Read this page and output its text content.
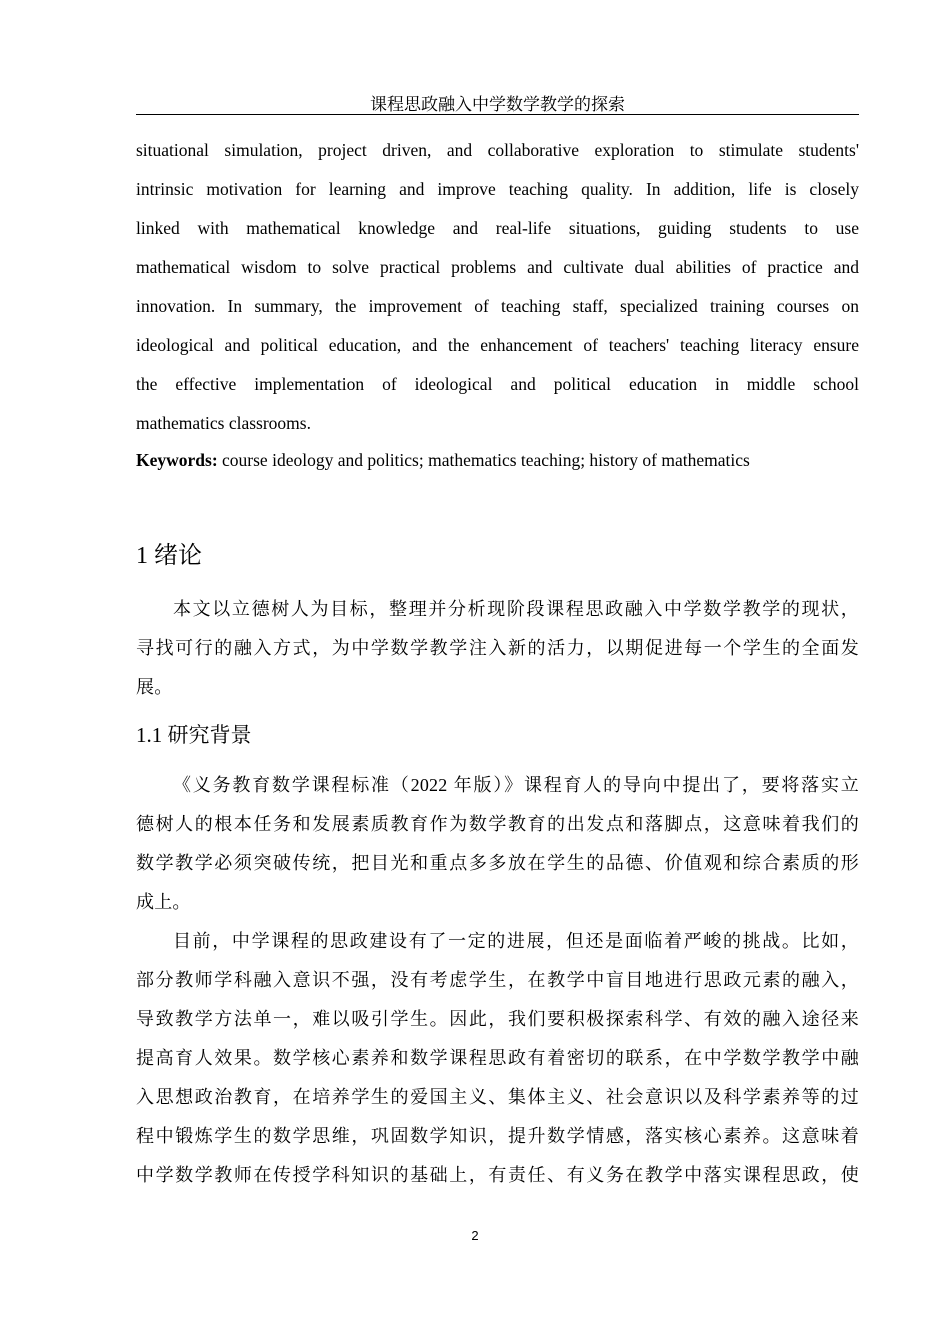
课程思政融入中学数学教学的探索
situational simulation, project driven, and collaborative exploration to stimulate students'
intrinsic motivation for learning and improve teaching quality. In addition, life is closely
linked with mathematical knowledge and real-life situations, guiding students to use
mathematical wisdom to solve practical problems and cultivate dual abilities of practice and
innovation. In summary, the improvement of teaching staff, specialized training courses on
ideological and political education, and the enhancement of teachers' teaching literacy ensure
the effective implementation of ideological and political education in middle school
mathematics classrooms.
Keywords: course ideology and politics; mathematics teaching; history of mathematics
1 绪论
本文以立德树人为目标，整理并分析现阶段课程思政融入中学数学教学的现状，
寻找可行的融入方式，为中学数学教学注入新的活力，以期促进每一个学生的全面发
展。
1.1 研究背景
《义务教育数学课程标准（2022 年版）》课程育人的导向中提出了，要将落实立
德树人的根本任务和发展素质教育作为数学教育的出发点和落脚点，这意味着我们的
数学教学必须突破传统，把目光和重点多多放在学生的品德、价值观和综合素质的形
成上。
目前，中学课程的思政建设有了一定的进展，但还是面临着严峻的挑战。比如，
部分教师学科融入意识不强，没有考虑学生，在教学中盲目地进行思政元素的融入，
导致教学方法单一，难以吸引学生。因此，我们要积极探索科学、有效的融入途径来
提高育人效果。数学核心素养和数学课程思政有着密切的联系，在中学数学教学中融
入思想政治教育，在培养学生的爱国主义、集体主义、社会意识以及科学素养等的过
程中锻炼学生的数学思维，巩固数学知识，提升数学情感，落实核心素养。这意味着
中学数学教师在传授学科知识的基础上，有责任、有义务在教学中落实课程思政，使
2
